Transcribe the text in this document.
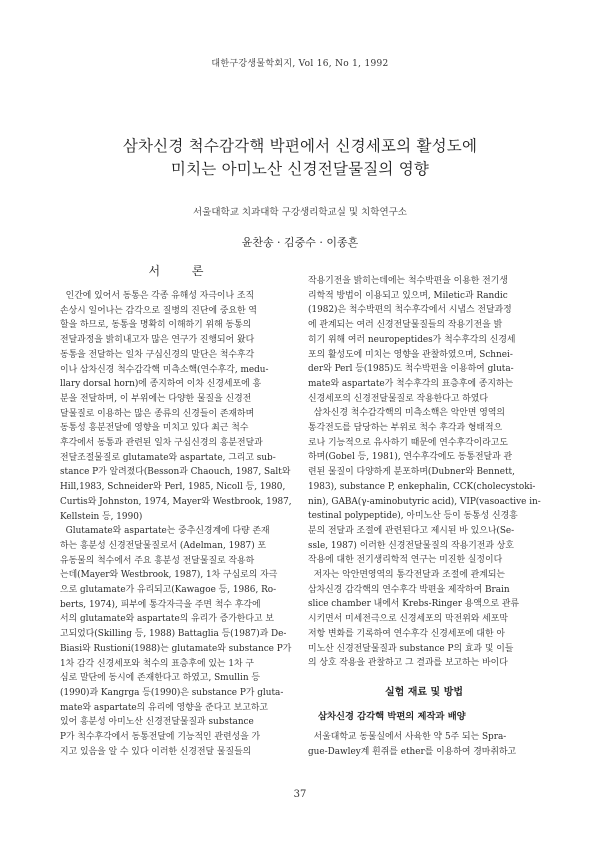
대한구강생물학회지, Vol 16, No 1, 1992
삼차신경 척수감각핵 박편에서 신경세포의 활성도에
미치는 아미노산 신경전달물질의 영향
서울대학교 치과대학 구강생리학교실 및 치학연구소
윤찬송 · 김중수 · 이종흔
서 론
인간에 있어서 동통은 각종 유해성 자극이나 조직
손상시 일어나는 감각으로 질병의 진단에 중요한 역
할을 하므로, 동통을 명확히 이해하기 위해 동통의
전달과정을 밝히내고자 많은 연구가 진행되어 왔다
동통을 전달하는 일차 구심신경의 말단은 척수후각
이나 삼차신경 척수감각핵 미측소핵(연수후각, medu-
llary dorsal horn)에 종지하여 이차 신경세포에 흥
분을 전달하며, 이 부위에는 다양한 물질을 신경전
달물질로 이용하는 많은 종류의 신경들이 존재하며
동통성 흥분전달에 영향을 미치고 있다 최근 척수
후각에서 동통과 관련된 일차 구심신경의 흥분전달과
전달조절물질로 glutamate와 aspartate, 그리고 sub-
stance P가 알려졌다(Besson과 Chaouch, 1987, Salt와
Hill,1983, Schneider와 Perl, 1985, Nicoll 등, 1980,
Curtis와 Johnston, 1974, Mayer와 Westbrook, 1987,
Kellstein 등, 1990)
Glutamate와 aspartate는 중추신경계에 다량 존재
하는 흥분성 신경전달물질로서 (Adelman, 1987) 포
유동물의 척수에서 주요 흥분성 전달물질로 작용하
는데(Mayer와 Westbrook, 1987), 1차 구심로의 자극
으로 glutamate가 유리되고(Kawagoe 등, 1986, Ro-
berts, 1974), 피부에 통각자극을 주면 척수 후각에
서의 glutamate와 aspartate의 유리가 증가한다고 보
고되었다(Skilling 등, 1988) Battaglia 등(1987)과 De-
Biasi와 Rustioni(1988)는 glutamate와 substance P가
1차 감각 신경세포와 척수의 표층후에 있는 1차 구
심로 말단에 동시에 존재한다고 하였고, Smullin 등
(1990)과 Kangrga 등(1990)은 substance P가 gluta-
mate와 aspartate의 유리에 영향을 준다고 보고하고
있어 흥분성 아미노산 신경전달물질과 substance
P가 척수후각에서 동통전달에 기능적인 관련성을 가
지고 있음을 알 수 있다 이러한 신경전달 물질들의
작용기전을 밝히는데에는 척수박편을 이용한 전기생
리학적 방법이 이용되고 있으며, Miletic과 Randic
(1982)은 척수박편의 척수후각에서 시냅스 전달과정
에 관계되는 여러 신경전달물질들의 작용기전을 밝
히기 위해 여러 neuropeptides가 척수후각의 신경세
포의 활성도에 미치는 영향을 관찰하였으며, Schnei-
der와 Perl 등(1985)도 척수박편을 이용하여 gluta-
mate와 aspartate가 척수후각의 표층후에 종지하는
신경세포의 신경전달물질로 작용한다고 하였다
삼차신경 척수감각핵의 미측소핵은 악안면 영역의
통각전도를 담당하는 부위로 척수 후각과 형태적으
로나 기능적으로 유사하기 때문에 연수후각이라고도
하며(Gobel 등, 1981), 연수후각에도 동통전달과 관
련된 물질이 다양하게 분포하며(Dubner와 Bennett,
1983), substance P, enkephalin, CCK(cholecystoki-
nin), GABA(γ-aminobutyric acid), VIP(vasoactive in-
testinal polypeptide), 아미노산 등이 동통성 신경흥
분의 전달과 조절에 관련된다고 제시된 바 있으나(Se-
ssle, 1987) 이러한 신경전달물질의 작용기전과 상호
작용에 대한 전기생리학적 연구는 미진한 실정이다
저자는 악안면영역의 통각전달과 조절에 관계되는
삼차신경 감각핵의 연수후각 박편을 제작하여 Brain
slice chamber 내에서 Krebs-Ringer 용액으로 관류
시키면서 미세전극으로 신경세포의 막전위와 세포막
저항 변화를 기록하여 연수후각 신경세포에 대한 아
미노산 신경전달물질과 substance P의 효과 및 이들
의 상호 작용을 관찰하고 그 결과를 보고하는 바이다
실험 재료 및 방법
삼차신경 감각핵 박편의 제작과 배양
서울대학교 동물실에서 사육한 약 5주 되는 Spra-
gue-Dawley계 흰쥐를 ether를 이용하여 경마취하고
37
